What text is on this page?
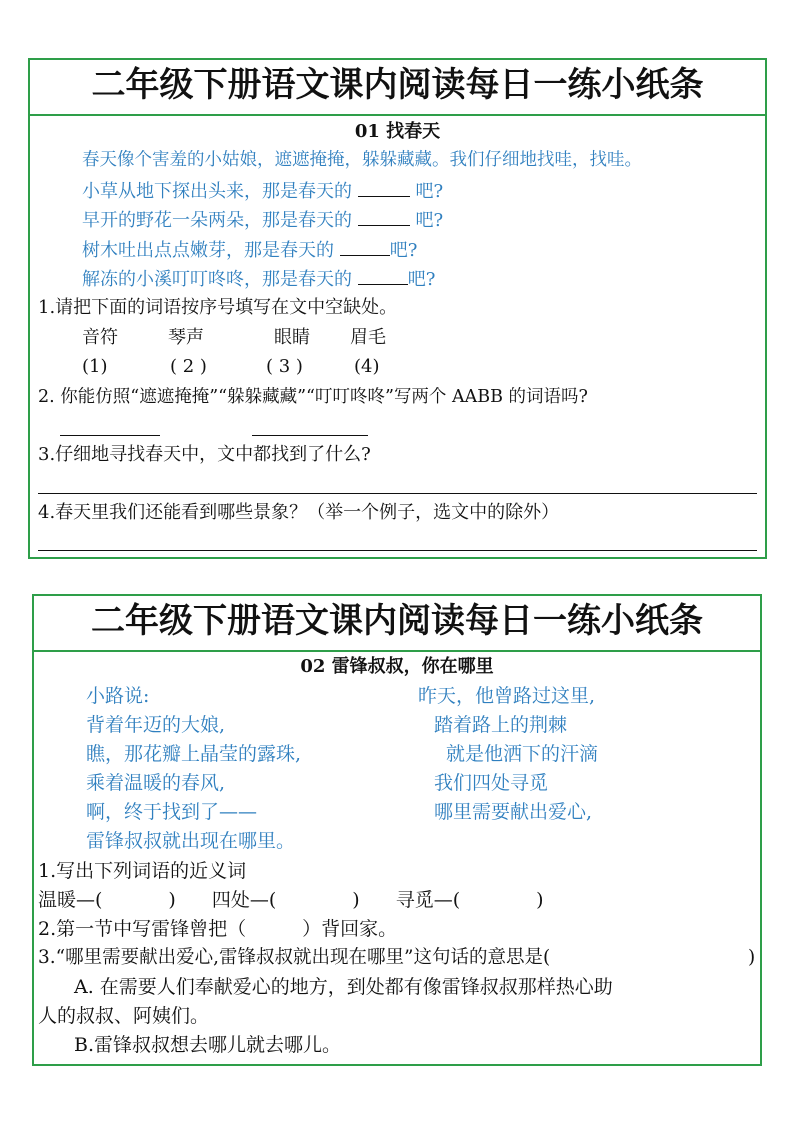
二年级下册语文课内阅读每日一练小纸条
01 找春天
春天像个害羞的小姑娘，遮遮掩掩，躲躲藏藏。我们仔细地找哇，找哇。
小草从地下探出头来，那是春天的	吧?
早开的野花一朵两朵，那是春天的	吧?
树木吐出点点嫩芽，那是春天的	吧?
解冻的小溪叮叮咚咚，那是春天的	吧?
1.请把下面的词语按序号填写在文中空缺处。
音符	琴声	眼睛 眉毛
(1)	( 2 )	( 3 )	(4)
2. 你能仿照“遮遮掩掩”“躲躲藏藏”“叮叮咚咚”写两个 AABB 的词语吗?
3.仔细地寻找春天中，文中都找到了什么?
4.春天里我们还能看到哪些景象？（举一个例子，选文中的除外）
二年级下册语文课内阅读每日一练小纸条
02 雷锋叔叔，你在哪里
小路说:
背着年迈的大娘,
瞧，那花瓣上晶莹的露珠,
乘着温暖的春风,
啊，终于找到了——
雷锋叔叔就出现在哪里。
昨天，他曾路过这里,
踏着路上的荆棘
就是他洒下的汗滴
我们四处寻觅
哪里需要献出爱心,
1.写出下列词语的近义词
温暖—(	) 四处—(	) 寻觅—(	)
2.第一节中写雷锋曾把（	）背回家。
3.“哪里需要献出爱心,雷锋叔叔就出现在哪里”这句话的意思是(	)
A. 在需要人们奉献爱心的地方，到处都有像雷锋叔叔那样热心助
人的叔叔、阿姨们。
B.雷锋叔叔想去哪儿就去哪儿。
